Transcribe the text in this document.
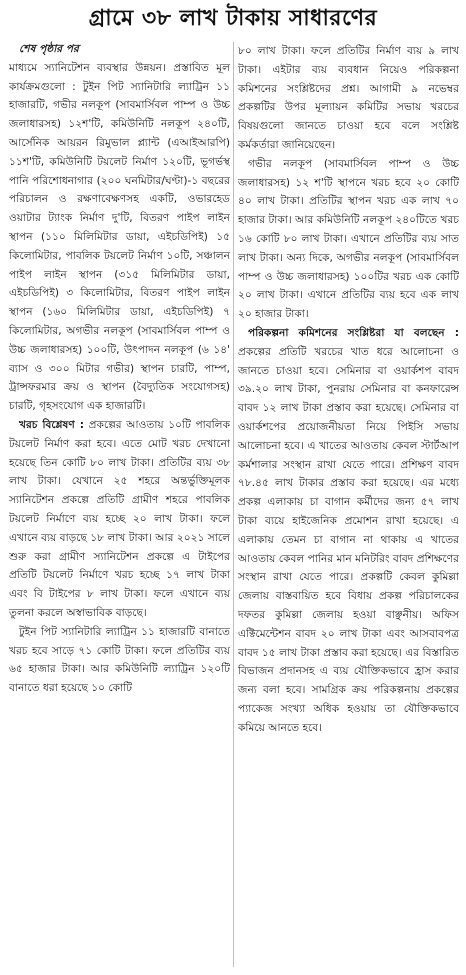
গ্রামে ৩৮ লাখ টাকায় সাধারণের

শেষ পৃষ্ঠার পর

মাধ্যমে স্যানিটেশন ব্যবস্থার উন্নয়ন। প্রস্তাবিত মূল কার্যক্রমগুলো : টুইন পিট স্যানিটারি ল্যাট্রিন ১১ হাজারটি, গভীর নলকূপ (সাবমার্সিবল পাম্প ও উচ্চ জলাধারসহ) ১২শ'টি, কমিউনিটি নলকূপ ২৪০টি, আর্সেনিক আয়রন রিমুভাল প্ল্যান্ট (এআইআরপি) ১১শ'টি, কমিউনিটি টয়লেট নির্মাণ ১২০টি, ভূগর্ভস্থ পানি পরিশোধনাগার (২০০ ঘনমিটার/ঘণ্টা)-১ বছরের পরিচালন ও রক্ষণাবেক্ষণসহ একটি, ওভারহেড ওয়াটার ট্যাংক নির্মাণ দু'টি, বিতরণ পাইপ লাইন স্থাপন (১১০ মিলিমিটার ডায়া, এইচডিপিই) ১৫ কিলোমিটার, পাবলিক টয়লেট নির্মাণ ১০টি, সঞ্চালন পাইপ লাইন স্থাপন (৩১৫ মিলিমিটার ডায়া, এইচডিপিই) ৩ কিলোমিটার, বিতরণ পাইপ লাইন স্থাপন (১৬০ মিলিমিটার ডায়া, এইচডিপিই) ৭ কিলোমিটার, অগভীর নলকূপ (সাবমার্সিবল পাম্প ও উচ্চ জলাধারসহ) ১০০টি, উৎপাদন নলকূপ (৬ ১৪' ব্যাস ও ৩০০ মিটার গভীর) স্থাপন চারটি, পাম্প, ট্রান্সফরমার ক্রয় ও স্থাপন (বৈদ্যুতিক সংযোগসহ) চারটি, গৃহসংযোগ এক হাজারটি।

খরচ বিশ্লেষণ : প্রকল্পের আওতায় ১০টি পাবলিক টয়লেট নির্মাণ করা হবে। এতে মোট খরচ দেখানো হয়েছে তিন কোটি ৮০ লাখ টাকা। প্রতিটির ব্যয় ৩৮ লাখ টাকা। যেখানে ২৫ শহরে অন্তর্ভুক্তিমূলক স্যানিটেশন প্রকল্পে প্রতিটি গ্রামীণ শহরে পাবলিক টয়লেট নির্মাণে ব্যয় হচ্ছে ২০ লাখ টাকা। ফলে এখানে ব্যয় বাড়ছে ১৮ লাখ টাকা। আর ২০২১ সালে শুরু করা গ্রামীণ স্যানিটেশন প্রকল্পে এ টাইপের প্রতিটি টয়লেট নির্মাণে খরচ হচ্ছে ১৭ লাখ টাকা এবং বি টাইপের ৮ লাখ টাকা। ফলে এখানে ব্যয় তুলনা করলে অস্বাভাবিক বাড়ছে।

টুইন পিট স্যানিটারি ল্যাট্রিন ১১ হাজারটি বানাতে খরচ হবে সাড়ে ৭১ কোটি টাকা। ফলে প্রতিটির ব্যয় ৬৫ হাজার টাকা। আর কমিউনিটি ল্যাট্রিন ১২০টি বানাতে ধরা হয়েছে ১০ কোটি

৮০ লাখ টাকা। ফলে প্রতিটির নির্মাণ ব্যয় ৯ লাখ টাকা। এইটার ব্যয় ব্যবধান নিয়েও পরিকল্পনা কমিশনের সংশ্লিষ্টদের প্রশ্ন। আগামী ৯ নভেম্বর প্রকল্পটির উপর মূল্যায়ন কমিটির সভায় খরচের বিষয়গুলো জানতে চাওয়া হবে বলে সংশ্লিষ্ট কর্মকর্তারা জানিয়েছেন।

গভীর নলকূপ (সাবমার্সিবল পাম্প ও উচ্চ জলাধারসহ) ১২ শ'টি স্থাপনে খরচ হবে ২০ কোটি ৪০ লাখ টাকা। প্রতিটির স্থাপন খরচ এক লাখ ৭০ হাজার টাকা। আর কমিউনিটি নলকূপ ২৪০টিতে খরচ ১৬ কোটি ৮০ লাখ টাকা। এখানে প্রতিটির ব্যয় সাত লাখ টাকা। অন্য দিকে, অগভীর নলকূপ (সাবমার্সিবল পাম্প ও উচ্চ জলাধারসহ) ১০০টির খরচ এক কোটি ২০ লাখ টাকা। এখানে প্রতিটির ব্যয় হবে এক লাখ ২০ হাজার টাকা।

পরিকল্পনা কমিশনের সংশ্লিষ্টরা যা বলছেন : প্রকল্পের প্রতিটি খরচের খাত ধরে আলোচনা ও জানতে চাওয়া হবে। সেমিনার বা ওয়ার্কশপ বাবদ ৩৯.২০ লাখ টাকা, পুনরায় সেমিনার বা কনফারেন্স বাবদ ১২ লাখ টাকা প্রস্তাব করা হয়েছে। সেমিনার বা ওয়ার্কশপের প্রয়োজনীয়তা নিয়ে পিইসি সভায় আলোচনা হবে। এ খাতের আওতায় কেবল স্টার্টআপ কর্মশালার সংস্থান রাখা যেতে পারে। প্রশিক্ষণ বাবদ ৭৮.৪৫ লাখ টাকার প্রস্তাব করা হয়েছে। এর মধ্যে প্রকল্প এলাকায় চা বাগান কর্মীদের জন্য ৫৭ লাখ টাকা ব্যয়ে হাইজেনিক প্রমোশন রাখা হয়েছে। এ এলাকায় তেমন চা বাগান না থাকায় এ খাতের আওতায় কেবল পানির মান মনিটরিং বাবদ প্রশিক্ষণের সংস্থান রাখা যেতে পারে। প্রকল্পটি কেবল কুমিল্লা জেলায় বাস্তবায়িত হবে বিধায় প্রকল্প পরিচালকের দফতর কুমিল্লা জেলায় হওয়া বাঞ্ছনীয়। অফিস এক্টিমেন্টেশন বাবদ ২০ লাখ টাকা এবং আসবাবপত্র বাবদ ১৫ লাখ টাকা প্রস্তাব করা হয়েছে। এর বিস্তারিত বিভাজন প্রদানসহ এ ব্যয় যৌক্তিকভাবে হ্রাস করার জন্য বলা হবে। সামগ্রিক ক্রয় পরিকল্পনায় প্রকল্পের প্যাকেজ সংখ্যা অধিক হওয়ায় তা যৌক্তিকভাবে কমিয়ে আনতে হবে।
